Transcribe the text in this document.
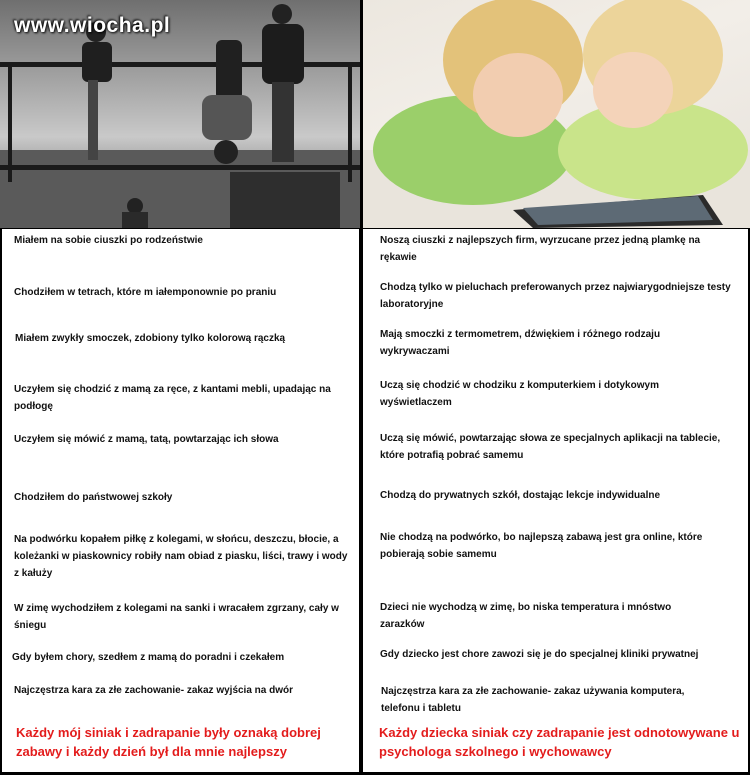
www.wiocha.pl

Miałem na sobie ciuszki po rodzeństwie

Chodziłem w tetrach, które m iałemponownie po praniu

Miałem zwykły smoczek, zdobiony tylko kolorową rączką

Uczyłem się chodzić z mamą za ręce, z kantami mebli, upadając na podłogę

Uczyłem się mówić z mamą, tatą, powtarzając ich słowa

Chodziłem do państwowej szkoły

Na podwórku kopałem piłkę z kolegami, w słońcu, deszczu, błocie, a koleżanki w piaskownicy robiły nam obiad z piasku, liści, trawy i wody z kałuży

W zimę wychodziłem z kolegami na sanki i wracałem zgrzany, cały w śniegu

Gdy byłem chory, szedłem z mamą do poradni i czekałem

Najczęstrza kara za złe zachowanie- zakaz wyjścia na dwór

Każdy mój siniak i zadrapanie były oznaką dobrej zabawy i każdy dzień był dla mnie najlepszy

Noszą ciuszki z najlepszych firm, wyrzucane przez jedną plamkę na rękawie

Chodzą tylko w pieluchach preferowanych przez najwiarygodniejsze testy laboratoryjne

Mają smoczki z termometrem, dźwiękiem i różnego rodzaju wykrywaczami

Uczą się chodzić w chodziku z komputerkiem i dotykowym wyświetlaczem

Uczą się mówić, powtarzając słowa ze specjalnych aplikacji na tablecie, które potrafią pobrać samemu

Chodzą do prywatnych szkół, dostając lekcje indywidualne

Nie chodzą na podwórko, bo najlepszą zabawą jest gra online, które pobierają sobie samemu

Dzieci nie wychodzą w zimę, bo niska temperatura i mnóstwo zarazków

Gdy dziecko jest chore zawozi się je do specjalnej kliniki prywatnej

Najczęstrza kara za złe zachowanie- zakaz używania komputera, telefonu i tabletu

Każdy dziecka siniak czy zadrapanie jest odnotowywane u psychologa szkolnego i wychowawcy
